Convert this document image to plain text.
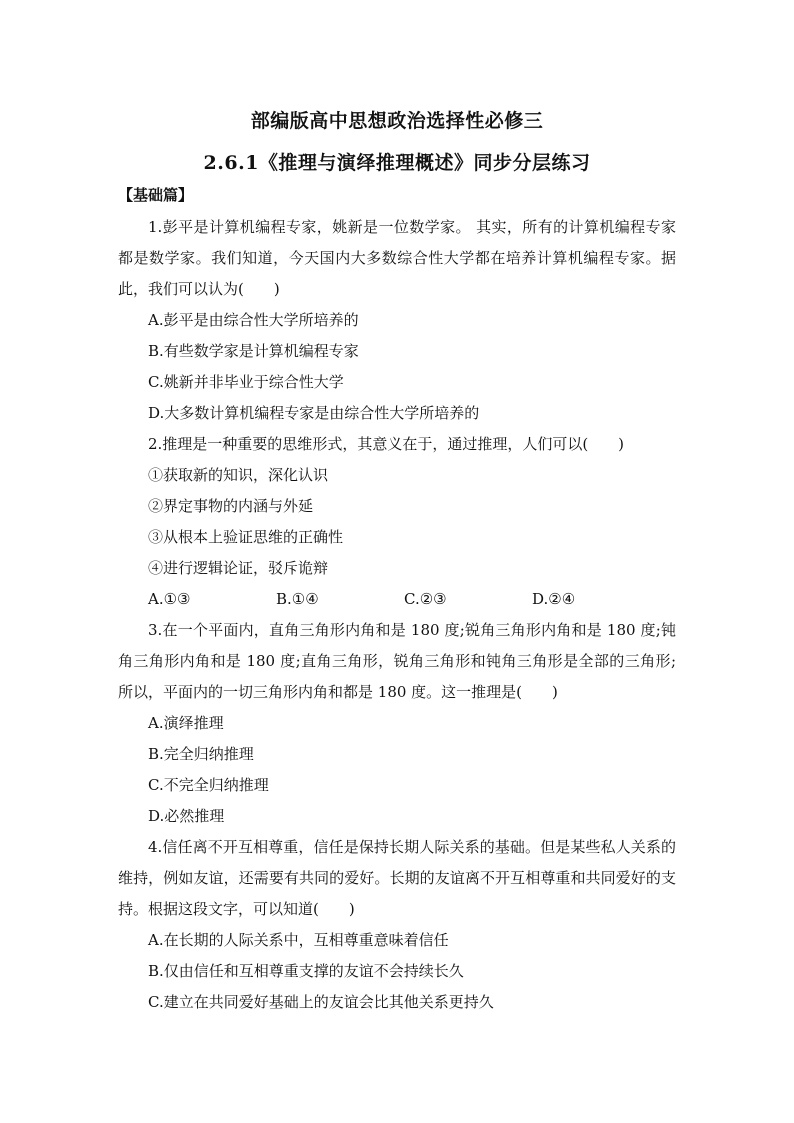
部编版高中思想政治选择性必修三
2.6.1《推理与演绎推理概述》同步分层练习
【基础篇】

1.彭平是计算机编程专家，姚新是一位数学家。 其实，所有的计算机编程专家都是数学家。我们知道，今天国内大多数综合性大学都在培养计算机编程专家。据此，我们可以认为(　　)

A.彭平是由综合性大学所培养的

B.有些数学家是计算机编程专家

C.姚新并非毕业于综合性大学

D.大多数计算机编程专家是由综合性大学所培养的

2.推理是一种重要的思维形式，其意义在于，通过推理，人们可以(　　)

①获取新的知识，深化认识

②界定事物的内涵与外延

③从根本上验证思维的正确性

④进行逻辑论证，驳斥诡辩

A.①③	B.①④	C.②③	D.②④

3.在一个平面内，直角三角形内角和是 180 度;锐角三角形内角和是 180 度;钝角三角形内角和是 180 度;直角三角形，锐角三角形和钝角三角形是全部的三角形;所以，平面内的一切三角形内角和都是 180 度。这一推理是(　　)

A.演绎推理

B.完全归纳推理

C.不完全归纳推理

D.必然推理

4.信任离不开互相尊重，信任是保持长期人际关系的基础。但是某些私人关系的维持，例如友谊，还需要有共同的爱好。长期的友谊离不开互相尊重和共同爱好的支持。根据这段文字，可以知道(　　)

A.在长期的人际关系中，互相尊重意味着信任

B.仅由信任和互相尊重支撑的友谊不会持续长久

C.建立在共同爱好基础上的友谊会比其他关系更持久
